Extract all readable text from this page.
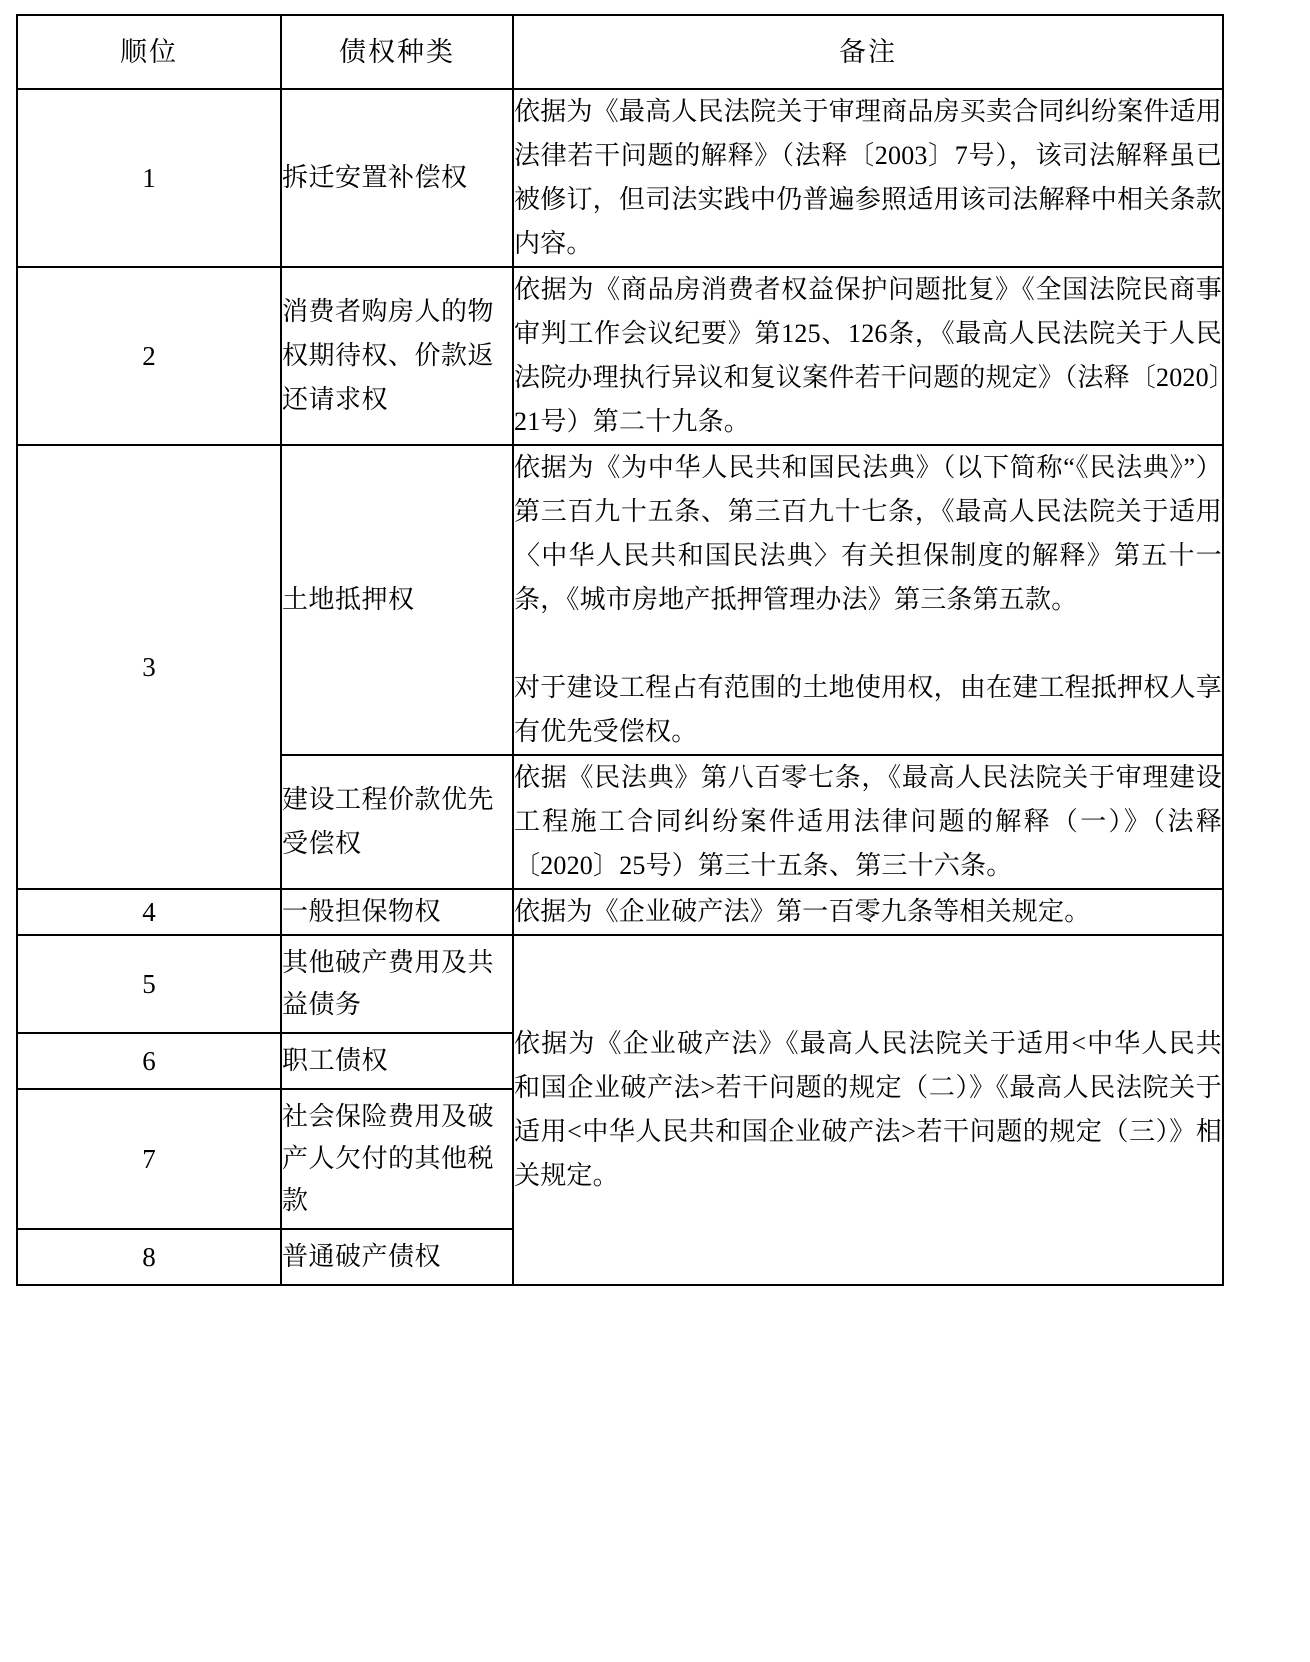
顺位	债权种类	备注
1	拆迁安置补偿权	依据为《最高人民法院关于审理商品房买卖合同纠纷案件适用法律若干问题的解释》（法释〔2003〕7号），该司法解释虽已被修订，但司法实践中仍普遍参照适用该司法解释中相关条款内容。

2	消费者购房人的物权期待权、价款返还请求权	依据为《商品房消费者权益保护问题批复》《全国法院民商事审判工作会议纪要》第125、126条，《最高人民法院关于人民法院办理执行异议和复议案件若干问题的规定》（法释〔2020〕21号）第二十九条。

3	土地抵押权	依据为《为中华人民共和国民法典》（以下简称“《民法典》”）第三百九十五条、第三百九十七条，《最高人民法院关于适用〈中华人民共和国民法典〉有关担保制度的解释》第五十一条，《城市房地产抵押管理办法》第三条第五款。

对于建设工程占有范围的土地使用权，由在建工程抵押权人享有优先受偿权。

	建设工程价款优先受偿权	依据《民法典》第八百零七条，《最高人民法院关于审理建设工程施工合同纠纷案件适用法律问题的解释（一）》（法释〔2020〕25号）第三十五条、第三十六条。

4	一般担保物权	依据为《企业破产法》第一百零九条等相关规定。

5	其他破产费用及共益债务	依据为《企业破产法》《最高人民法院关于适用<中华人民共和国企业破产法>若干问题的规定（二）》《最高人民法院关于适用<中华人民共和国企业破产法>若干问题的规定（三）》相关规定。

6	职工债权	
7	社会保险费用及破产人欠付的其他税款	
8	普通破产债权	
